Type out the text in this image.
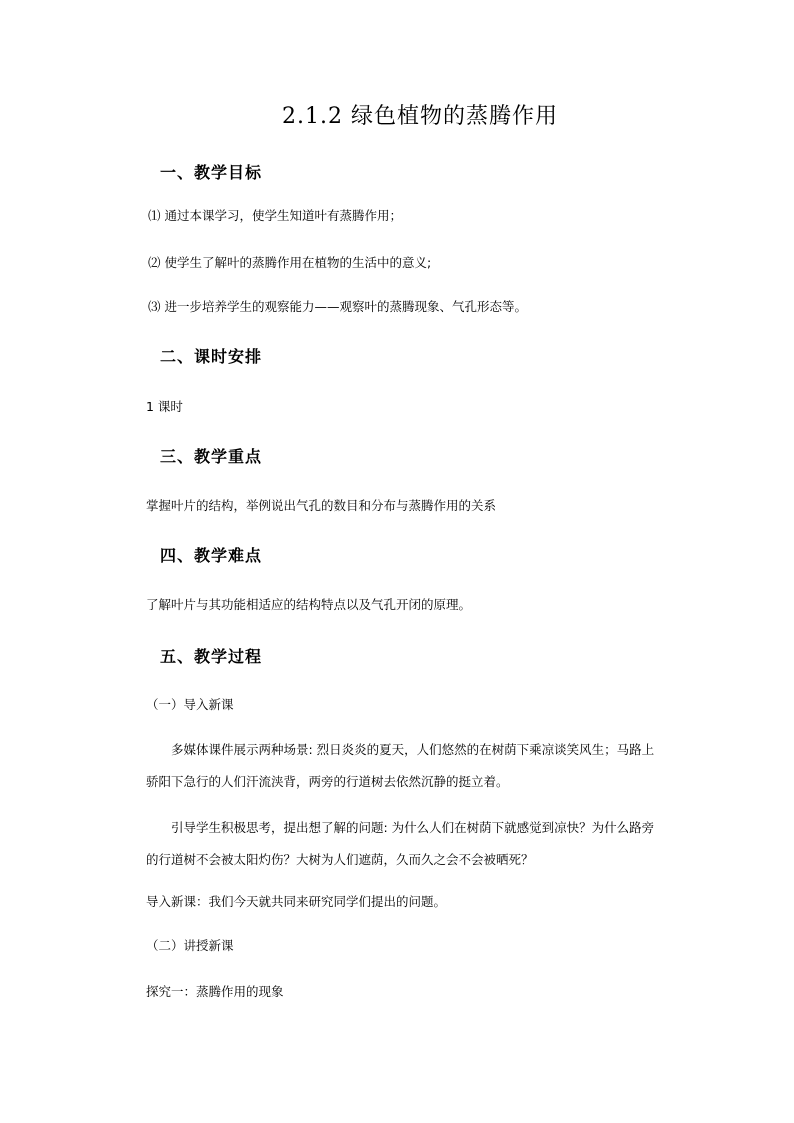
2.1.2 绿色植物的蒸腾作用
一、教学目标
⑴ 通过本课学习，使学生知道叶有蒸腾作用；
⑵ 使学生了解叶的蒸腾作用在植物的生活中的意义;
⑶ 进一步培养学生的观察能力——观察叶的蒸腾现象、气孔形态等。
二、课时安排
1 课时
三、教学重点
掌握叶片的结构，举例说出气孔的数目和分布与蒸腾作用的关系
四、教学难点
了解叶片与其功能相适应的结构特点以及气孔开闭的原理。
五、教学过程
（一）导入新课
多媒体课件展示两种场景: 烈日炎炎的夏天，人们悠然的在树荫下乘凉谈笑风生；马路上骄阳下急行的人们汗流浃背，两旁的行道树去依然沉静的挺立着。
引导学生积极思考，提出想了解的问题: 为什么人们在树荫下就感觉到凉快？为什么路旁的行道树不会被太阳灼伤？大树为人们遮荫，久而久之会不会被晒死？
导入新课：我们今天就共同来研究同学们提出的问题。
（二）讲授新课
探究一：蒸腾作用的现象
